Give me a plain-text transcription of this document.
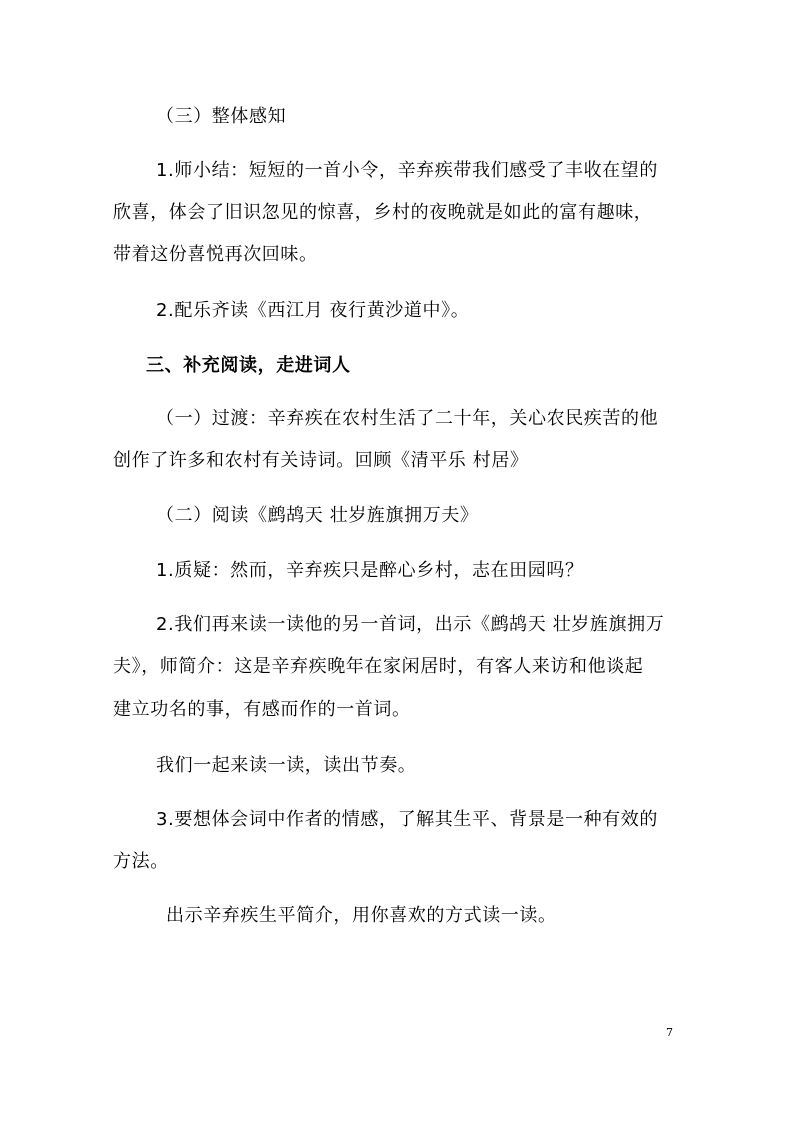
（三）整体感知
1.师小结：短短的一首小令，辛弃疾带我们感受了丰收在望的
欣喜，体会了旧识忽见的惊喜，乡村的夜晚就是如此的富有趣味，
带着这份喜悦再次回味。
2.配乐齐读《西江月 夜行黄沙道中》。
三、补充阅读，走进词人
（一）过渡：辛弃疾在农村生活了二十年，关心农民疾苦的他
创作了许多和农村有关诗词。回顾《清平乐 村居》
（二）阅读《鹧鸪天 壮岁旌旗拥万夫》
1.质疑：然而，辛弃疾只是醉心乡村，志在田园吗？
2.我们再来读一读他的另一首词，出示《鹧鸪天 壮岁旌旗拥万
夫》，师简介：这是辛弃疾晚年在家闲居时，有客人来访和他谈起
建立功名的事，有感而作的一首词。
我们一起来读一读，读出节奏。
3.要想体会词中作者的情感，了解其生平、背景是一种有效的
方法。
出示辛弃疾生平简介，用你喜欢的方式读一读。
7
